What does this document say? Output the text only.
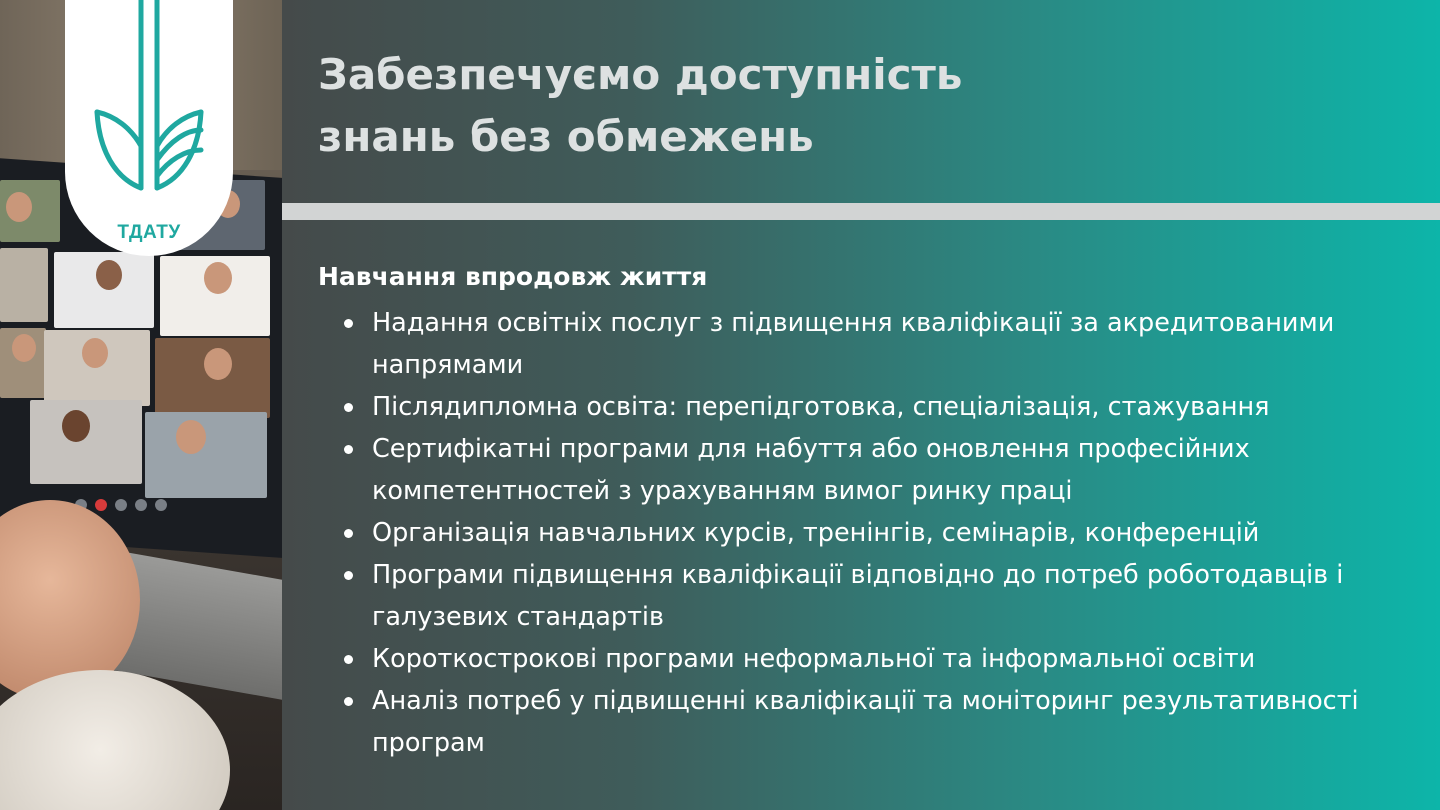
ТДАТУ
Забезпечуємо доступність
знань без обмежень
Навчання впродовж життя
Надання освітніх послуг з підвищення кваліфікації за акредитованими напрямами
Післядипломна освіта: перепідготовка, спеціалізація, стажування
Сертифікатні програми для набуття або оновлення професійних компетентностей з урахуванням вимог ринку праці
Організація навчальних курсів, тренінгів, семінарів, конференцій
Програми підвищення кваліфікації відповідно до потреб роботодавців і галузевих стандартів
Короткострокові програми неформальної та інформальної освіти
Аналіз потреб у підвищенні кваліфікації та моніторинг результативності програм
